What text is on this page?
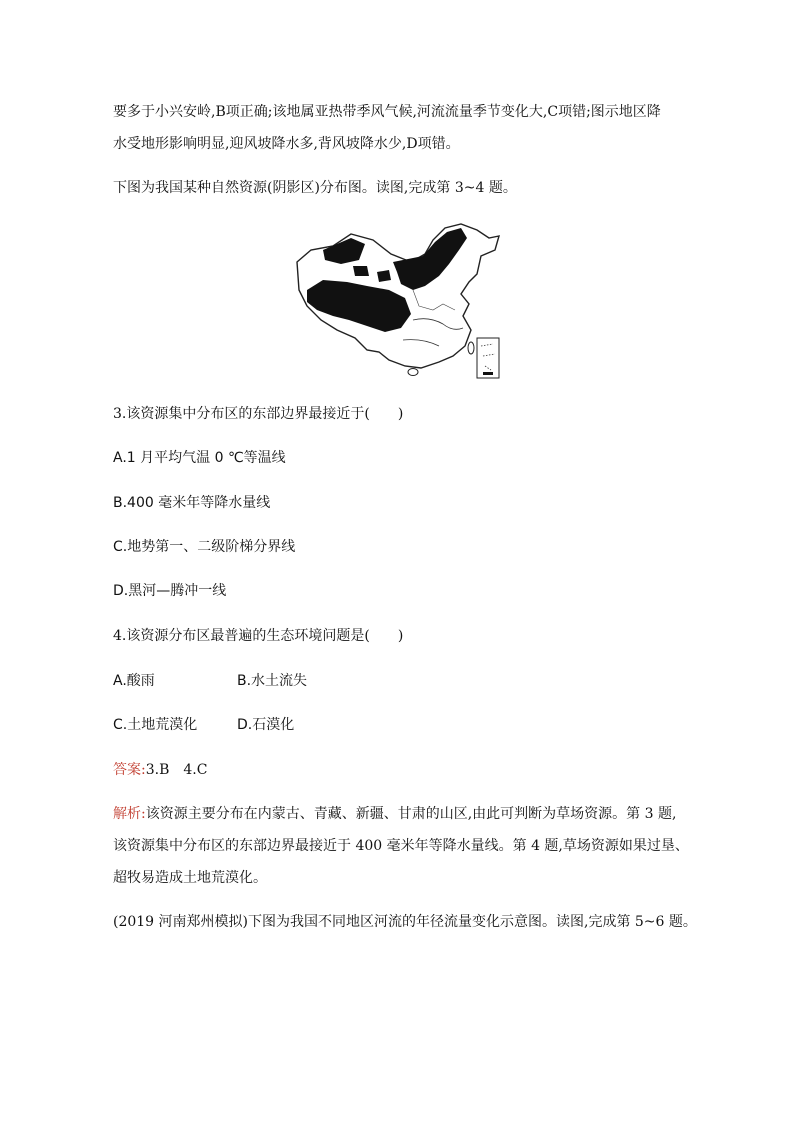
要多于小兴安岭,B项正确;该地属亚热带季风气候,河流流量季节变化大,C项错;图示地区降
水受地形影响明显,迎风坡降水多,背风坡降水少,D项错。
下图为我国某种自然资源(阴影区)分布图。读图,完成第 3~4 题。
3.该资源集中分布区的东部边界最接近于(　　)
A.1 月平均气温 0 ℃等温线
B.400 毫米年等降水量线
C.地势第一、二级阶梯分界线
D.黑河—腾冲一线
4.该资源分布区最普遍的生态环境问题是(　　)
A.酸雨	B.水土流失
C.土地荒漠化	D.石漠化
答案:3.B　4.C
解析:该资源主要分布在内蒙古、青藏、新疆、甘肃的山区,由此可判断为草场资源。第 3 题,
该资源集中分布区的东部边界最接近于 400 毫米年等降水量线。第 4 题,草场资源如果过垦、
超牧易造成土地荒漠化。
(2019 河南郑州模拟)下图为我国不同地区河流的年径流量变化示意图。读图,完成第 5~6 题。
